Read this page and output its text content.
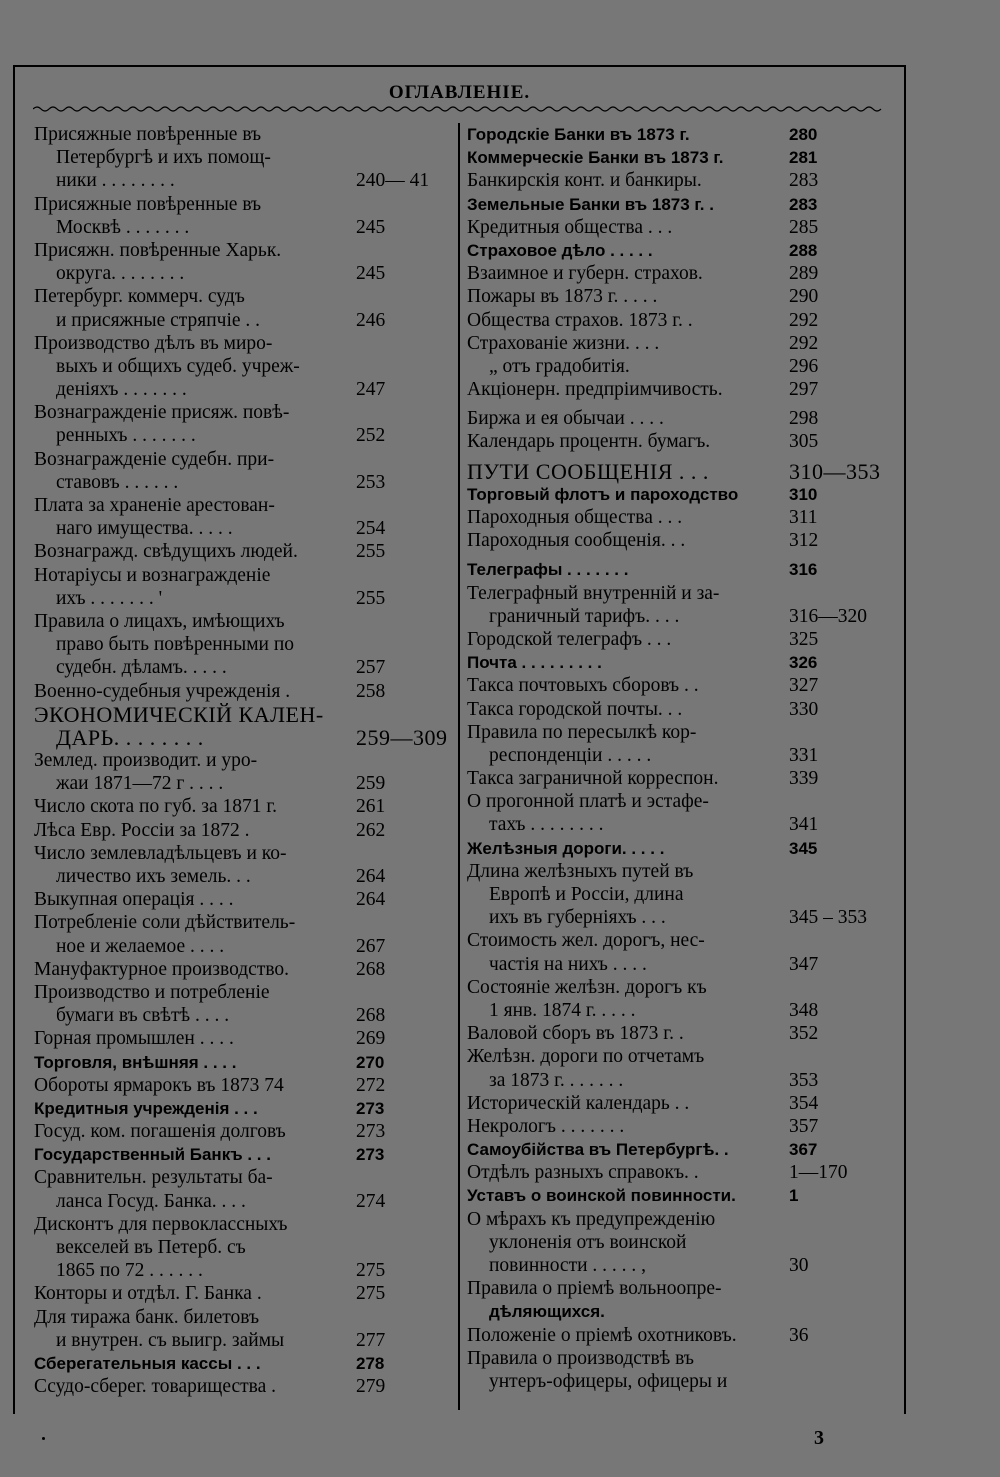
ОГЛАВЛЕНІЕ.
Присяжные повѣренные въ
Петербургѣ и ихъ помощ-
ники . . . . . . . .	240— 41
Присяжные повѣренные въ
Москвѣ . . . . . . .	245
Присяжн. повѣренные Харьк.
округа. . . . . . . .	245
Петербург. коммерч. судъ
и присяжные стряпчіе . .	246
Производство дѣлъ въ миро-
выхъ и общихъ судеб. учреж-
деніяхъ . . . . . . .	247
Вознагражденіе присяж. повѣ-
ренныхъ . . . . . . .	252
Вознагражденіе судебн. при-
ставовъ . . . . . .	253
Плата за храненіе арестован-
наго имущества. . . . .	254
Вознагражд. свѣдущихъ людей.	255
Нотаріусы и вознагражденіе
ихъ . . . . . . . '	255
Правила о лицахъ, имѣющихъ
право быть повѣренными по
судебн. дѣламъ. . . . .	257
Военно-судебныя учрежденія .	258
ЭКОНОМИЧЕСКІЙ КАЛЕН-
ДАРЬ. . . . . . . .	259—309
Землед. производит. и уро-
жаи 1871—72 г . . . .	259
Число скота по губ. за 1871 г.	261
Лѣса Евр. Россіи за 1872 .	262
Число землевладѣльцевъ и ко-
личество ихъ земель. . .	264
Выкупная операція . . . .	264
Потребленіе соли дѣйствитель-
ное и желаемое . . . .	267
Мануфактурное производство.	268
Производство и потребленіе
бумаги въ свѣтѣ . . . .	268
Горная промышлен . . . .	269
Торговля, внѣшняя . . . .	270
Обороты ярмарокъ въ 1873 74	272
Кредитныя учрежденія . . .	273
Госуд. ком. погашенія долговъ	273
Государственный Банкъ . . .	273
Сравнительн. результаты ба-
ланса Госуд. Банка. . . .	274
Дисконтъ для первоклассныхъ
векселей въ Петерб. съ
1865 по 72 . . . . . .	275
Конторы и отдѣл. Г. Банка .	275
Для тиража банк. билетовъ
и внутрен. съ выигр. займы	277
Сберегательныя кассы . . .	278
Ссудо-сберег. товарищества .	279
Городскіе Банки въ 1873 г.	280
Коммерческіе Банки въ 1873 г.	281
Банкирскія конт. и банкиры.	283
Земельные Банки въ 1873 г. .	283
Кредитныя общества . . .	285
Страховое дѣло . . . . .	288
Взаимное и губерн. страхов.	289
Пожары въ 1873 г. . . . .	290
Общества страхов. 1873 г. .	292
Страхованіе жизни. . . .	292
„ отъ градобитія.	296
Акціонерн. предпріимчивость.	297
Биржа и ея обычаи . . . .	298
Календарь процентн. бумагъ.	305
ПУТИ СООБЩЕНІЯ . . .	310—353
Торговый флотъ и пароходство	310
Пароходныя общества . . .	311
Пароходныя сообщенія. . .	312
Телеграфы . . . . . . .	316
Телеграфный внутренній и за-
граничный тарифъ. . . .	316—320
Городской телеграфъ . . .	325
Почта . . . . . . . . .	326
Такса почтовыхъ сборовъ . .	327
Такса городской почты. . .	330
Правила по пересылкѣ кор-
респонденціи . . . . .	331
Такса заграничной корреспон.	339
О прогонной платѣ и эстафе-
тахъ . . . . . . . .	341
Желѣзныя дороги. . . . .	345
Длина желѣзныхъ путей въ
Европѣ и Россіи, длина
ихъ въ губерніяхъ . . .	345 – 353
Стоимость жел. дорогъ, нес-
частія на нихъ . . . .	347
Состояніе желѣзн. дорогъ къ
1 янв. 1874 г. . . . .	348
Валовой сборъ въ 1873 г. .	352
Желѣзн. дороги по отчетамъ
за 1873 г. . . . . . .	353
Историческій календарь . .	354
Некрологъ . . . . . . .	357
Самоубійства въ Петербургѣ. .	367
Отдѣлъ разныхъ справокъ. .	1—170
Уставъ о воинской повинности.	1
О мѣрахъ къ предупрежденію
уклоненія отъ воинской
повинности . . . . . ,	30
Правила о пріемѣ вольноопре-
дѣляющихся.
Положеніе о пріемѣ охотниковъ.	36
Правила о производствѣ въ
унтеръ-офицеры, офицеры и
3
